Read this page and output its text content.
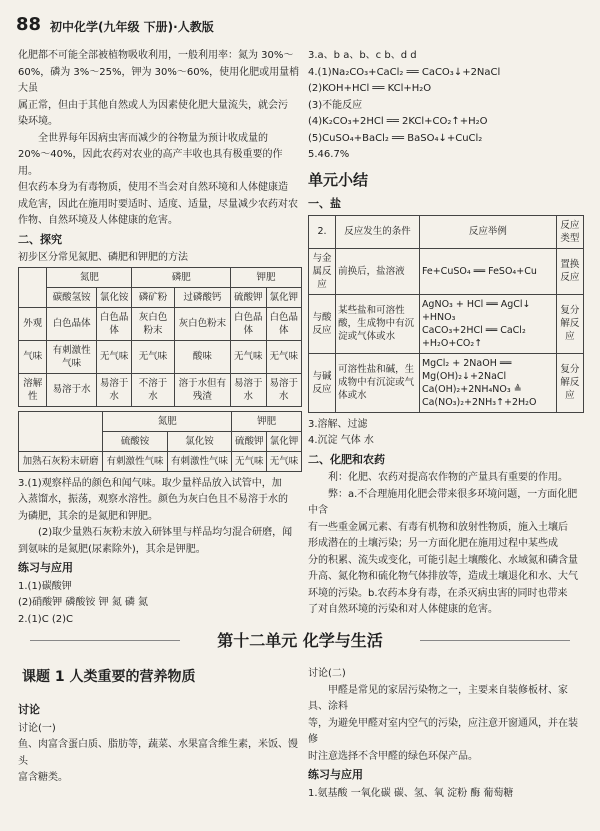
88 初中化学(九年级 下册)·人教版

化肥都不可能全部被植物吸收利用，一般利用率：氮为 30%～

60%，磷为 3%～25%，钾为 30%～60%，使用化肥或用量梢大虽

属正常，但由于其他自然或人为因素使化肥大量流失，就会污

染环境。

全世界每年因病虫害而减少的谷物量为预计收成量的

20%～40%，因此农药对农业的高产丰收也具有极重要的作用。

但农药本身为有毒物质，使用不当会对自然环境和人体健康造

成危害，因此在施用时要适时、适度、适量，尽量减少农药对农

作物、自然环境及人体健康的危害。

二、探究

初步区分常见氮肥、磷肥和钾肥的方法

	氮肥		磷肥		钾肥	
	碳酸氢铵	氯化铵	磷矿粉	过磷酸钙	硫酸钾	氯化钾
外观	白色晶体	白色晶体	灰白色粉末	灰白色粉末	白色晶体	白色晶体
气味	有刺激性气味	无气味	无气味	酸味	无气味	无气味
溶解性	易溶于水	易溶于水	不溶于水	溶于水但有残渣	易溶于水	易溶于水
	氮肥		钾肥	
	硫酸铵	氯化铵	硫酸钾	氯化钾
加熟石灰粉末研磨	有刺激性气味	有刺激性气味	无气味	无气味

3.(1)观察样品的颜色和闻气味。取少量样品放入试管中，加

入蒸馏水，振荡，观察水溶性。颜色为灰白色且不易溶于水的

为磷肥，其余的是氮肥和钾肥。

(2)取少量熟石灰粉末放入研钵里与样品均匀混合研磨，闻

到氨味的是氮肥(尿素除外)，其余是钾肥。

练习与应用

1.(1)碳酸钾

(2)硝酸钾 磷酸铵 钾 氮 磷 氮

2.(1)C (2)C

3.a、b a、b、c b、d d

4.(1)Na₂CO₃+CaCl₂ ══ CaCO₃↓+2NaCl

(2)KOH+HCl ══ KCl+H₂O

(3)不能反应

(4)K₂CO₃+2HCl ══ 2KCl+CO₂↑+H₂O

(5)CuSO₄+BaCl₂ ══ BaSO₄↓+CuCl₂

5.46.7%

单元小结
一、盐
2.	反应发生的条件	反应举例	反应类型
与金属反应	前换后，盐溶液	Fe+CuSO₄ ══ FeSO₄+Cu	置换反应
与酸反应	某些盐和可溶性酸，生成物中有沉淀或气体或水	AgNO₃ + HCl ══ AgCl↓ +HNO₃
CaCO₃+2HCl ══ CaCl₂ +H₂O+CO₂↑	复分解反应
与碱反应	可溶性盐和碱，生成物中有沉淀或气体或水	MgCl₂ + 2NaOH ══
Mg(OH)₂↓+2NaCl
Ca(OH)₂+2NH₄NO₃ ≜
Ca(NO₃)₂+2NH₃↑+2H₂O	复分解反应

3.溶解、过滤

4.沉淀 气体 水

二、化肥和农药

利：化肥、农药对提高农作物的产量具有重要的作用。

弊：a.不合理施用化肥会带来很多环境问题，一方面化肥中含

有一些重金属元素、有毒有机物和放射性物质，施入土壤后

形成潜在的土壤污染；另一方面化肥在施用过程中某些成

分的积累、流失或变化，可能引起土壤酸化、水域氮和磷含量

升高、氮化物和硫化物气体排放等，造成土壤退化和水、大气

环境的污染。b.农药本身有毒，在杀灭病虫害的同时也带来

了对自然环境的污染和对人体健康的危害。

第十二单元 化学与生活
课题 1 人类重要的营养物质
讨论

讨论(一)

鱼、肉富含蛋白质、脂肪等，蔬菜、水果富含维生素，米饭、馒头

富含糖类。

讨论(二)

甲醛是常见的家居污染物之一，主要来自装修板材、家具、涂料

等，为避免甲醛对室内空气的污染，应注意开窗通风，并在装修

时注意选择不含甲醛的绿色环保产品。

练习与应用

1.氨基酸 一氧化碳 碳、氢、氧 淀粉 酶 葡萄糖
